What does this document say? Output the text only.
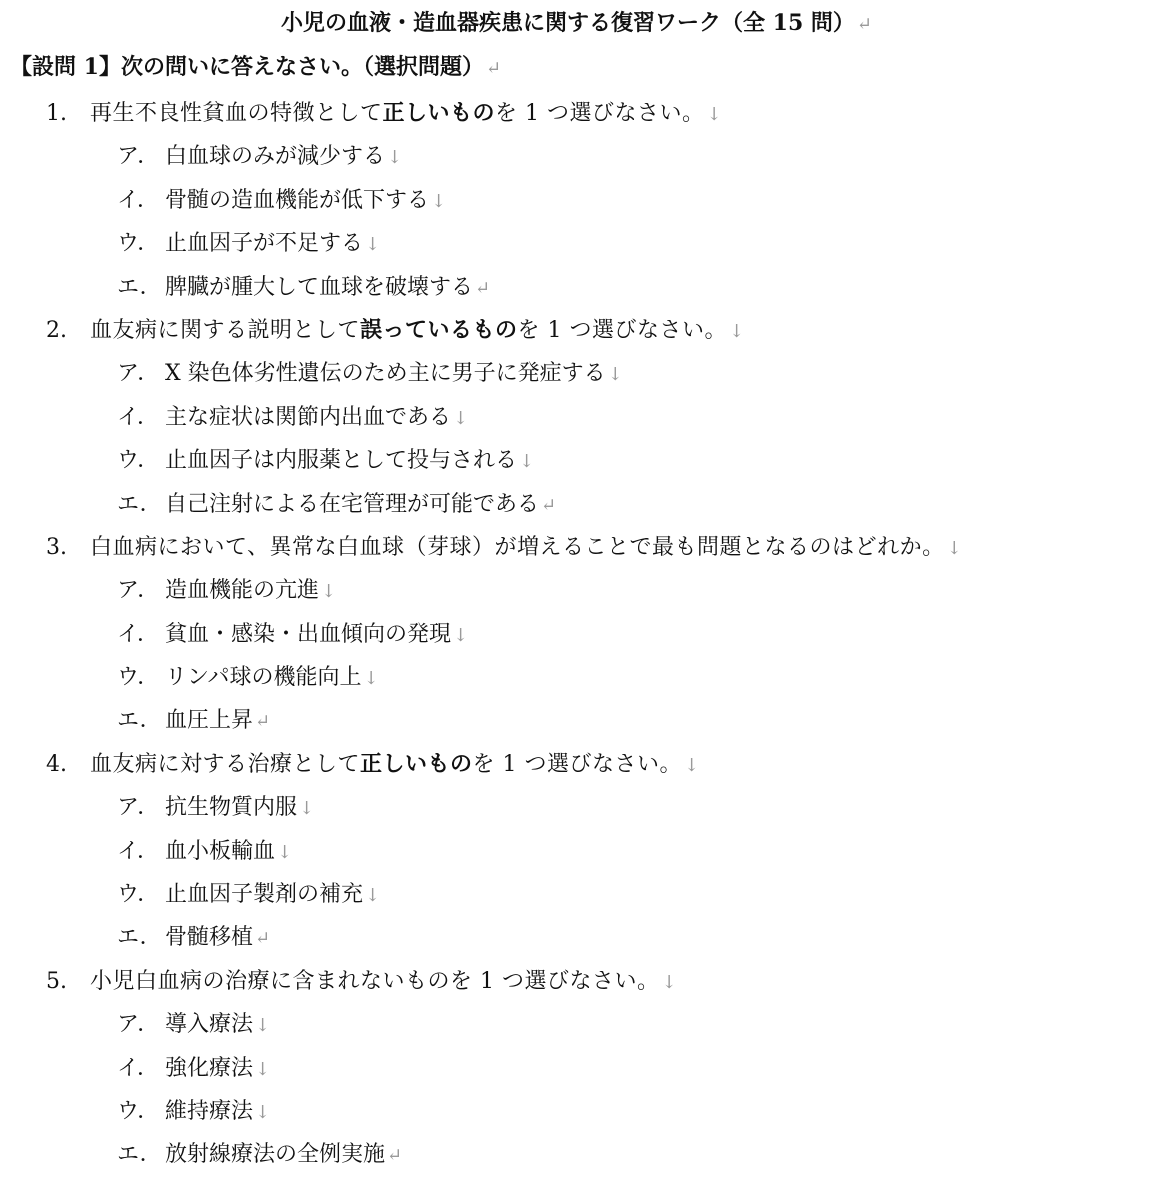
小児の血液・造血器疾患に関する復習ワーク（全 15 問） ↵
【設問 1】次の問いに答えなさい。（選択問題） ↵
1. 再生不良性貧血の特徴として正しいものを 1 つ選びなさい。 ↓
ア． 白血球のみが減少する ↓
イ． 骨髄の造血機能が低下する ↓
ウ． 止血因子が不足する ↓
エ． 脾臓が腫大して血球を破壊する ↵
2. 血友病に関する説明として誤っているものを 1 つ選びなさい。 ↓
ア． X 染色体劣性遺伝のため主に男子に発症する ↓
イ． 主な症状は関節内出血である ↓
ウ． 止血因子は内服薬として投与される ↓
エ． 自己注射による在宅管理が可能である ↵
3. 白血病において、異常な白血球（芽球）が増えることで最も問題となるのはどれか。 ↓
ア． 造血機能の亢進 ↓
イ． 貧血・感染・出血傾向の発現 ↓
ウ． リンパ球の機能向上 ↓
エ． 血圧上昇 ↵
4. 血友病に対する治療として正しいものを 1 つ選びなさい。 ↓
ア． 抗生物質内服 ↓
イ． 血小板輸血 ↓
ウ． 止血因子製剤の補充 ↓
エ． 骨髄移植 ↵
5. 小児白血病の治療に含まれないものを 1 つ選びなさい。 ↓
ア． 導入療法 ↓
イ． 強化療法 ↓
ウ． 維持療法 ↓
エ． 放射線療法の全例実施 ↵
